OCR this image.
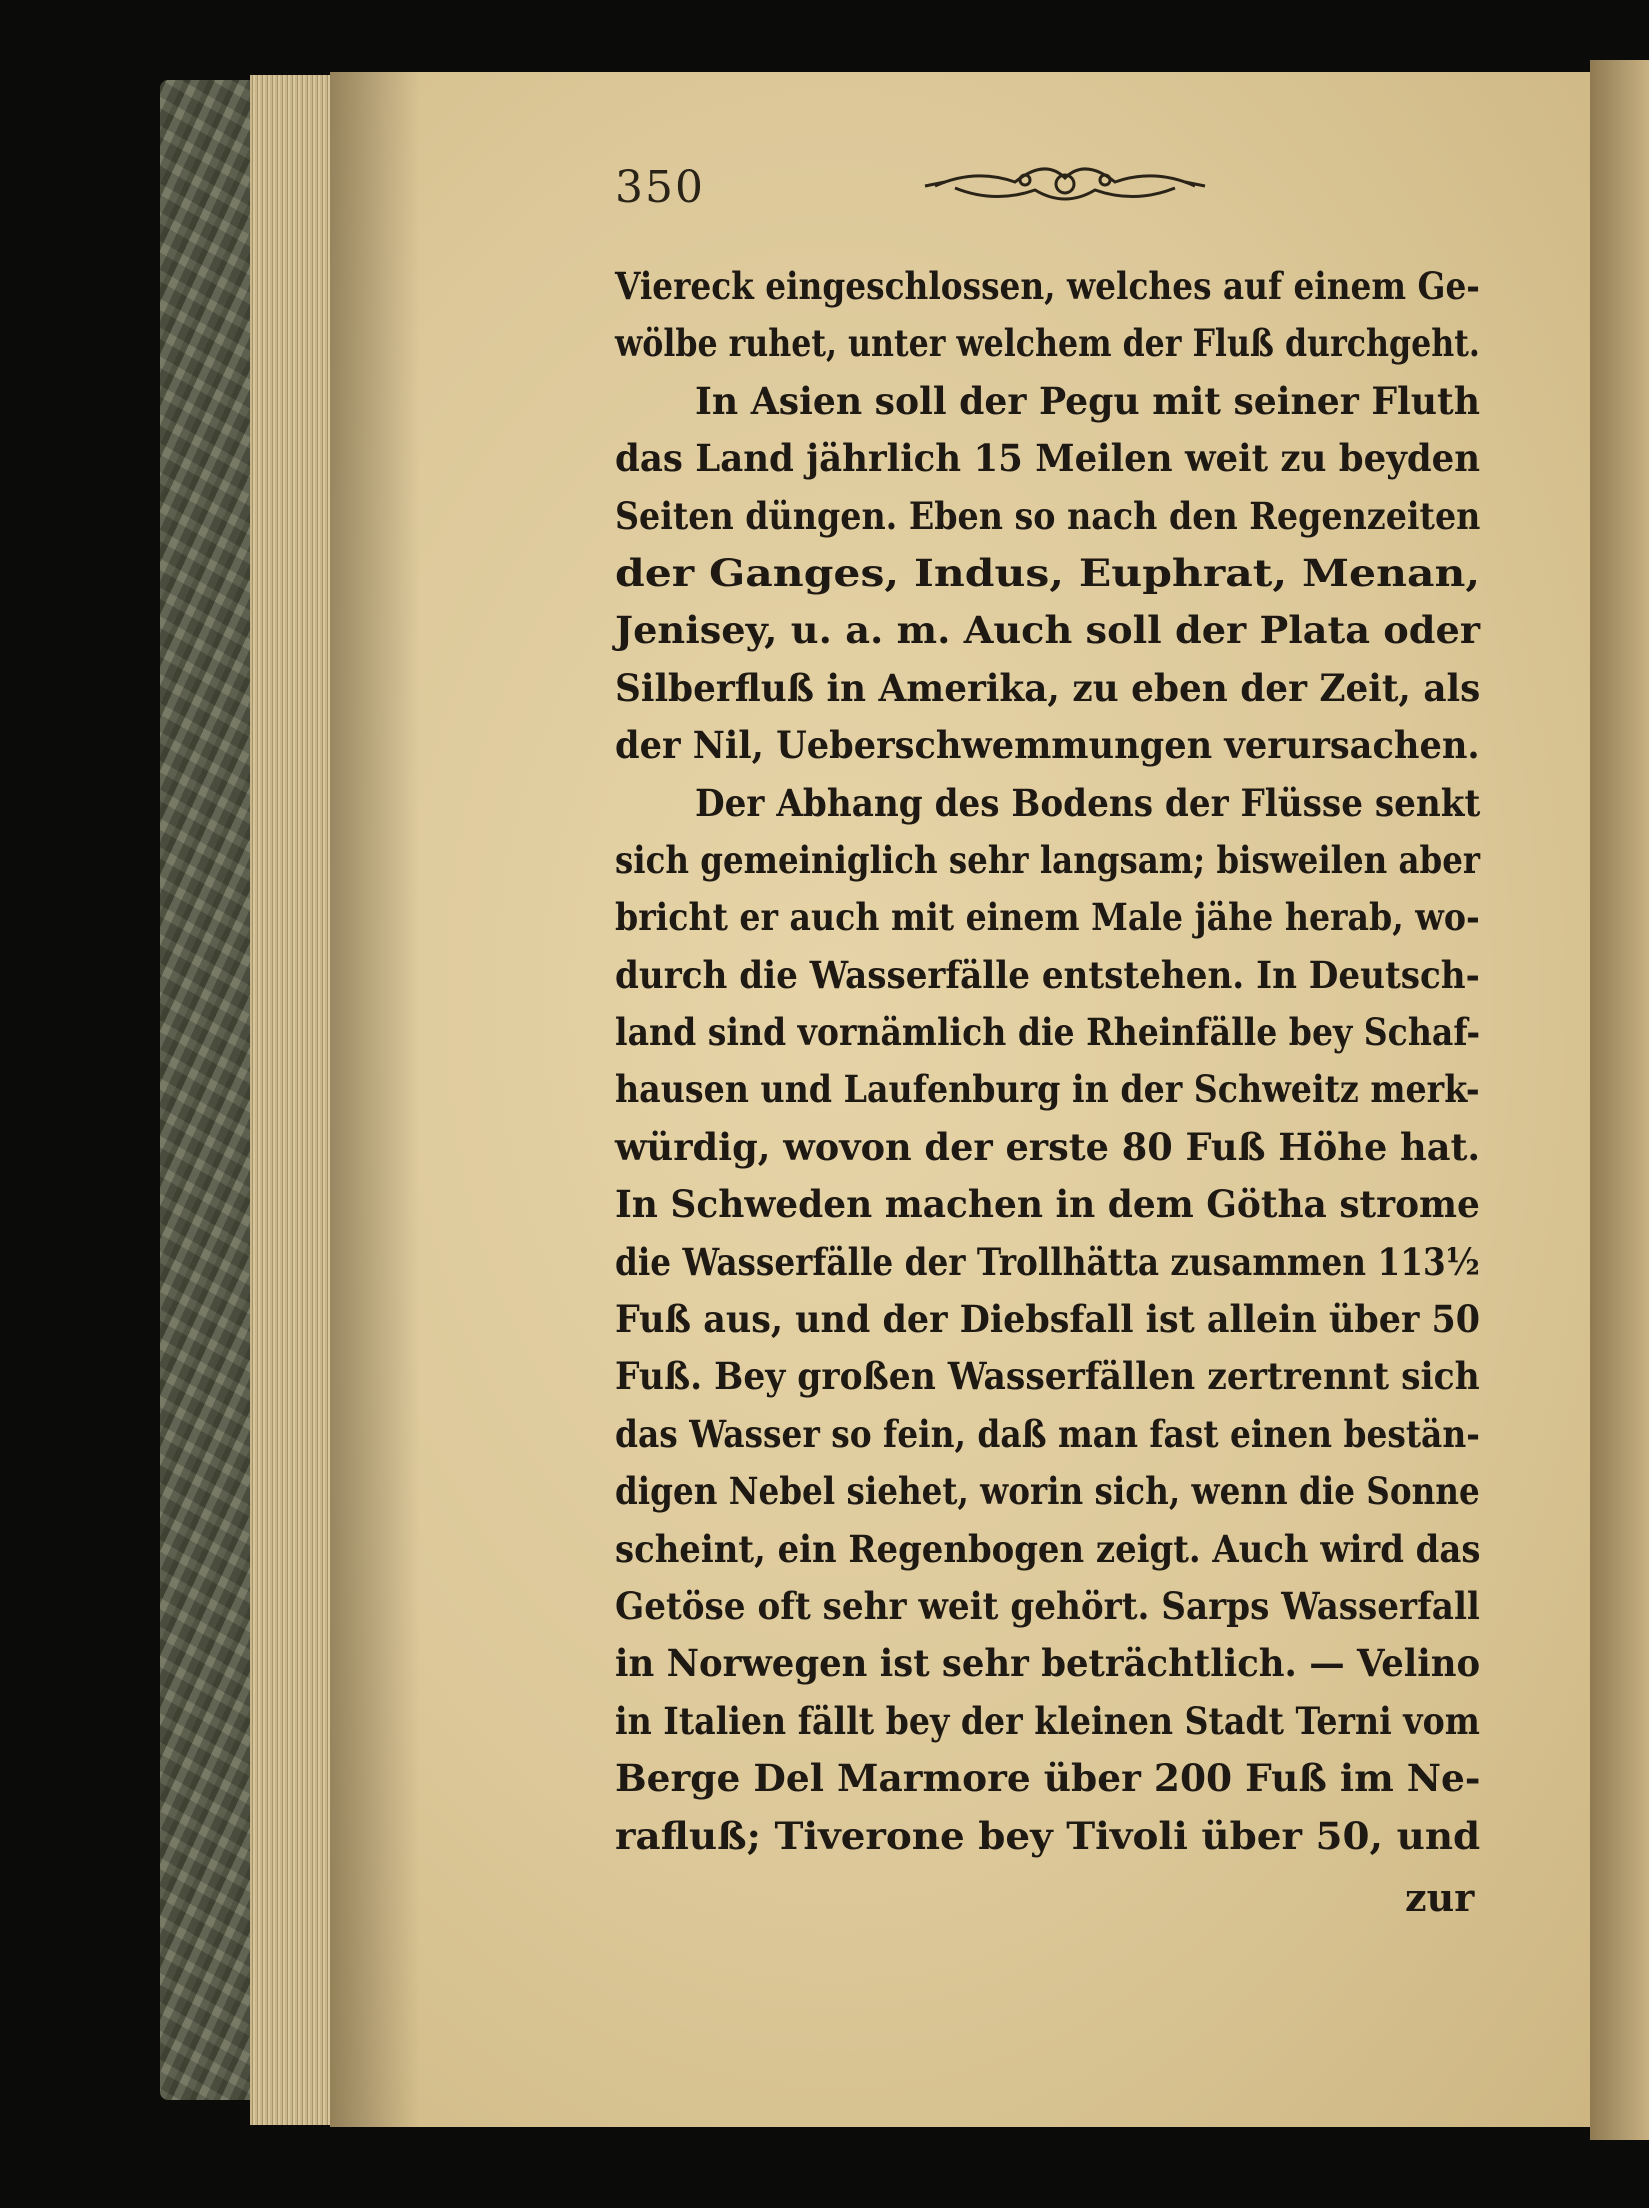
350
Viereck eingeschlossen, welches auf einem Ge-
wölbe ruhet, unter welchem der Fluß durchgeht.
In Asien soll der Pegu mit seiner Fluth
das Land jährlich 15 Meilen weit zu beyden
Seiten düngen. Eben so nach den Regenzeiten
der Ganges, Indus, Euphrat, Menan,
Jenisey, u. a. m. Auch soll der Plata oder
Silberfluß in Amerika, zu eben der Zeit, als
der Nil, Ueberschwemmungen verursachen.
Der Abhang des Bodens der Flüsse senkt
sich gemeiniglich sehr langsam; bisweilen aber
bricht er auch mit einem Male jähe herab, wo-
durch die Wasserfälle entstehen. In Deutsch-
land sind vornämlich die Rheinfälle bey Schaf-
hausen und Laufenburg in der Schweitz merk-
würdig, wovon der erste 80 Fuß Höhe hat.
In Schweden machen in dem Götha strome
die Wasserfälle der Trollhätta zusammen 113½
Fuß aus, und der Diebsfall ist allein über 50
Fuß. Bey großen Wasserfällen zertrennt sich
das Wasser so fein, daß man fast einen bestän-
digen Nebel siehet, worin sich, wenn die Sonne
scheint, ein Regenbogen zeigt. Auch wird das
Getöse oft sehr weit gehört. Sarps Wasserfall
in Norwegen ist sehr beträchtlich. — Velino
in Italien fällt bey der kleinen Stadt Terni vom
Berge Del Marmore über 200 Fuß im Ne-
rafluß; Tiverone bey Tivoli über 50, und
zur
